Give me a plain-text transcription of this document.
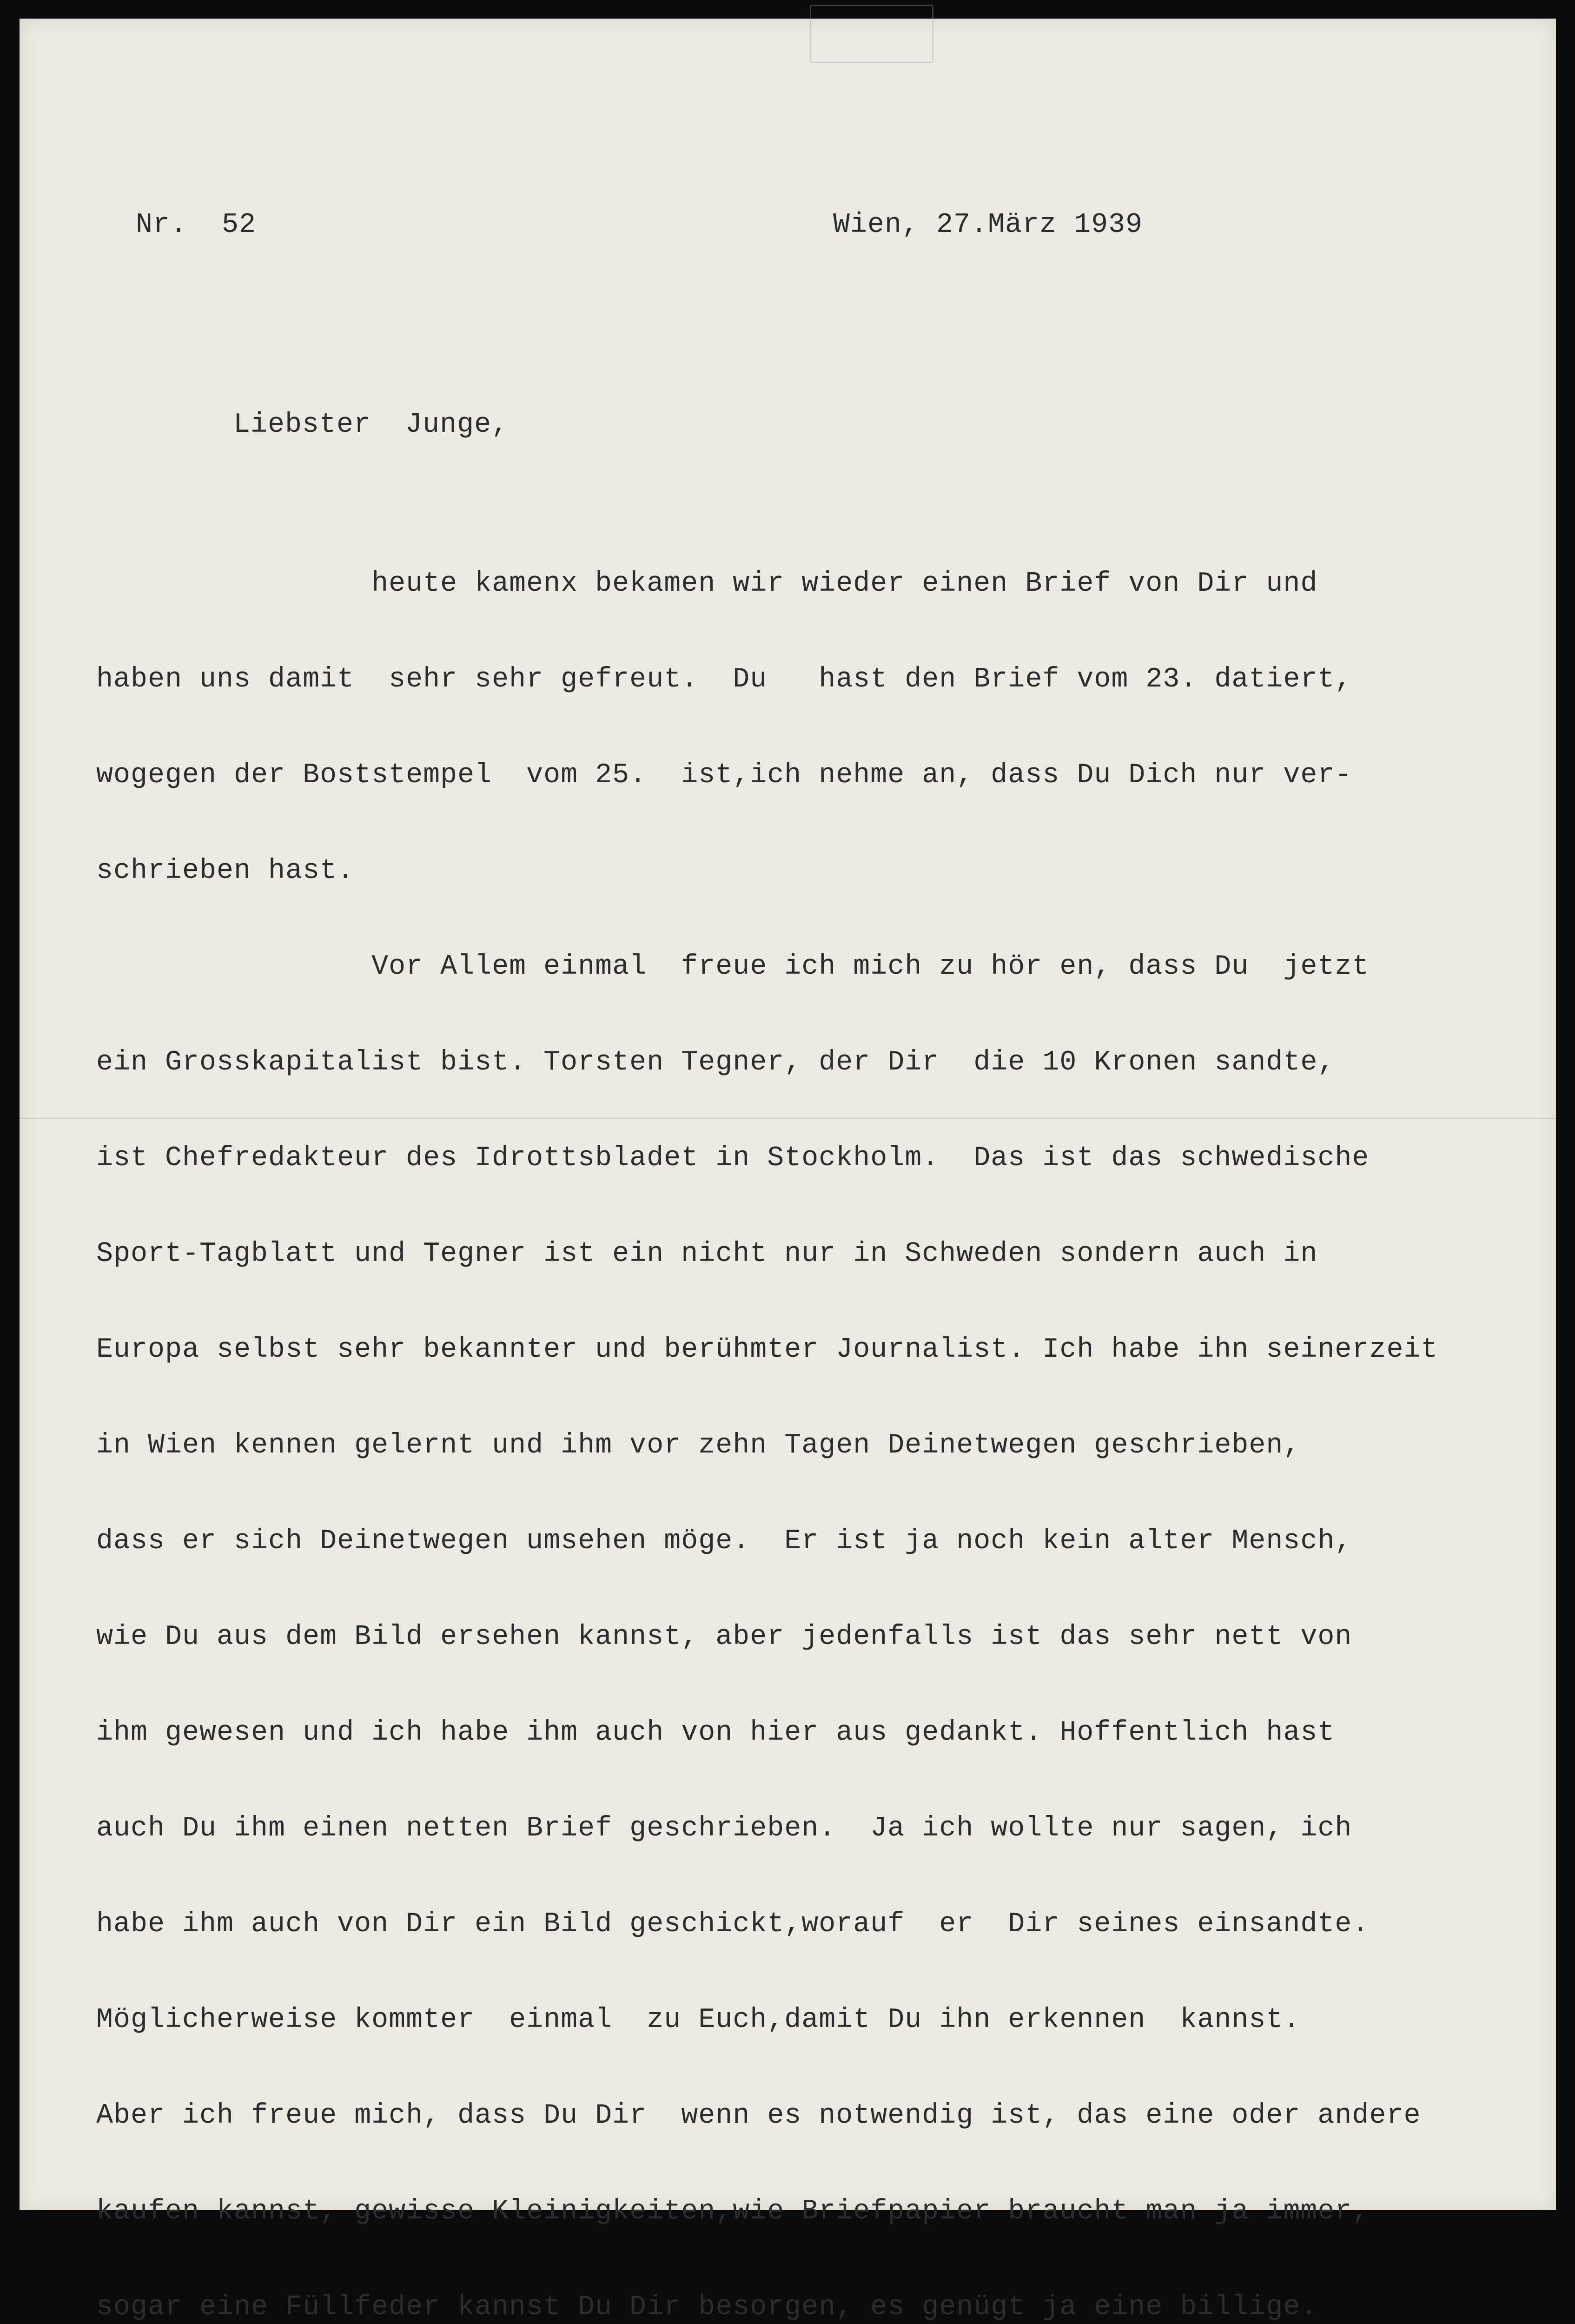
Nr.  52	Wien, 27.März 1939
Liebster  Junge,

heute kamenx bekamen wir wieder einen Brief von Dir und

haben uns damit  sehr sehr gefreut.  Du   hast den Brief vom 23. datiert,

wogegen der Boststempel  vom 25.  ist,ich nehme an, dass Du Dich nur ver-

schrieben hast.

Vor Allem einmal  freue ich mich zu hör en, dass Du  jetzt

ein Grosskapitalist bist. Torsten Tegner, der Dir  die 10 Kronen sandte,

ist Chefredakteur des Idrottsbladet in Stockholm.  Das ist das schwedische

Sport-Tagblatt und Tegner ist ein nicht nur in Schweden sondern auch in

Europa selbst sehr bekannter und berühmter Journalist. Ich habe ihn seinerzeit

in Wien kennen gelernt und ihm vor zehn Tagen Deinetwegen geschrieben,

dass er sich Deinetwegen umsehen möge.  Er ist ja noch kein alter Mensch,

wie Du aus dem Bild ersehen kannst, aber jedenfalls ist das sehr nett von

ihm gewesen und ich habe ihm auch von hier aus gedankt. Hoffentlich hast

auch Du ihm einen netten Brief geschrieben.  Ja ich wollte nur sagen, ich

habe ihm auch von Dir ein Bild geschickt,worauf  er  Dir seines einsandte.

Möglicherweise kommter  einmal  zu Euch,damit Du ihn erkennen  kannst.

Aber ich freue mich, dass Du Dir  wenn es notwendig ist, das eine oder andere

kaufen kannst, gewisse Kleinigkeiten,wie Briefpapier braucht man ja immer,

sogar eine Füllfeder kannst Du Dir besorgen, es genügt ja eine billige.
